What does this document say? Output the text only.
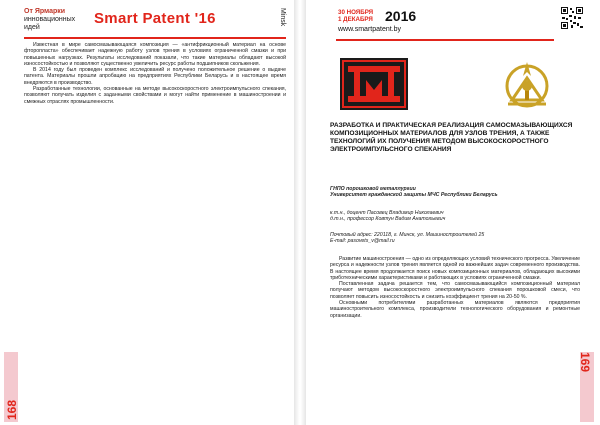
От Ярмарки
инновационных
идей
Smart Patent '16	Minsk

Известная в мире самосмазывающаяся композиция — «антифрикционный материал на основе фторопласта» обеспечивает надежную работу узлов трения в условиях ограниченной смазки и при повышенных нагрузках. Результаты исследований показали, что такие материалы обладают высокой износостойкостью и позволяют существенно увеличить ресурс работы подшипников скольжения.

В 2014 году был проведен комплекс исследований и получено положительное решение о выдаче патента. Материалы прошли апробацию на предприятиях Республики Беларусь и в настоящее время внедряются в производство.

Разработанные технологии, основанные на методе высокоскоростного электроимпульсного спекания, позволяют получать изделия с заданными свойствами и могут найти применение в машиностроении и смежных отраслях промышленности.

168
30 НОЯБРЯ
1 ДЕКАБРЯ 2016
www.smartpatent.by
РАЗРАБОТКА И ПРАКТИЧЕСКАЯ РЕАЛИЗАЦИЯ САМОСМАЗЫВАЮЩИХСЯ КОМПОЗИЦИОННЫХ МАТЕРИАЛОВ ДЛЯ УЗЛОВ ТРЕНИЯ, А ТАКЖЕ ТЕХНОЛОГИЙ ИХ ПОЛУЧЕНИЯ МЕТОДОМ ВЫСОКОСКОРОСТНОГО ЭЛЕКТРОИМПУЛЬСНОГО СПЕКАНИЯ
ГНПО порошковой металлургии
Университет гражданской защиты МЧС Республики Беларусь
к.т.н., доцент Пасовец Владимир Николаевич
д.т.н., профессор Ковтун Вадим Анатольевич
Почтовый адрес: 220118, г. Минск, ул. Машиностроителей 25
E-mail: pasovets_v@mail.ru

Развитие машиностроения — одно из определяющих условий технического прогресса. Увеличение ресурса и надежности узлов трения является одной из важнейших задач современного производства. В настоящее время продолжается поиск новых композиционных материалов, обладающих высокими триботехническими характеристиками и работающих в условиях ограниченной смазки.

Поставленная задача решается тем, что самосмазывающийся композиционный материал получают методом высокоскоростного электроимпульсного спекания порошковой смеси, что позволяет повысить износостойкость и снизить коэффициент трения на 20-50 %.

Основными потребителями разработанных материалов являются предприятия машиностроительного комплекса, производители технологического оборудования и ремонтные организации.

169
